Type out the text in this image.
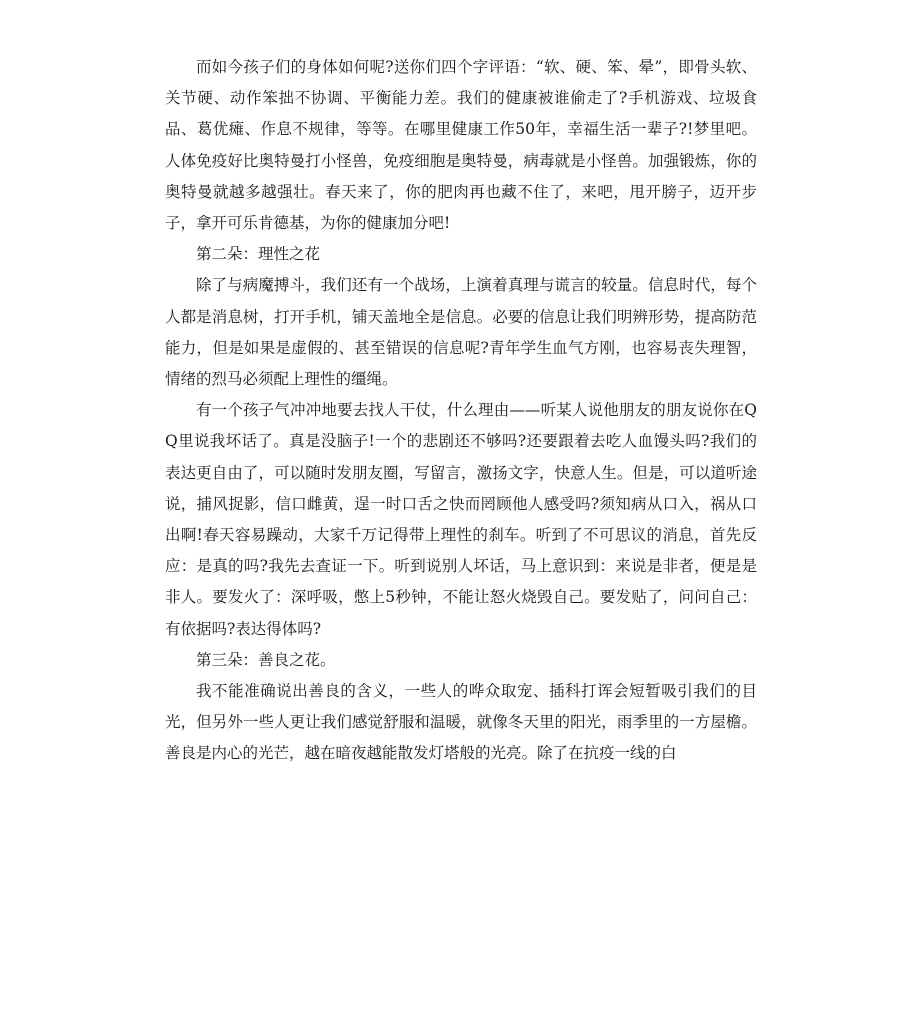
而如今孩子们的身体如何呢?送你们四个字评语：“软、硬、笨、晕”，即骨头软、关节硬、动作笨拙不协调、平衡能力差。我们的健康被谁偷走了?手机游戏、垃圾食品、葛优瘫、作息不规律，等等。在哪里健康工作50年，幸福生活一辈子?!梦里吧。人体免疫好比奥特曼打小怪兽，免疫细胞是奥特曼，病毒就是小怪兽。加强锻炼，你的奥特曼就越多越强壮。春天来了，你的肥肉再也藏不住了，来吧，甩开膀子，迈开步子，拿开可乐肯德基，为你的健康加分吧!

第二朵：理性之花

除了与病魔搏斗，我们还有一个战场，上演着真理与谎言的较量。信息时代，每个人都是消息树，打开手机，铺天盖地全是信息。必要的信息让我们明辨形势，提高防范能力，但是如果是虚假的、甚至错误的信息呢?青年学生血气方刚，也容易丧失理智，情绪的烈马必须配上理性的缰绳。

有一个孩子气冲冲地要去找人干仗，什么理由——听某人说他朋友的朋友说你在QQ里说我坏话了。真是没脑子!一个的悲剧还不够吗?还要跟着去吃人血馒头吗?我们的表达更自由了，可以随时发朋友圈，写留言，激扬文字，快意人生。但是，可以道听途说，捕风捉影，信口雌黄，逞一时口舌之快而罔顾他人感受吗?须知病从口入，祸从口出啊!春天容易躁动，大家千万记得带上理性的刹车。听到了不可思议的消息，首先反应：是真的吗?我先去查证一下。听到说别人坏话，马上意识到：来说是非者，便是是非人。要发火了：深呼吸，憋上5秒钟，不能让怒火烧毁自己。要发贴了，问问自己：有依据吗?表达得体吗?

第三朵：善良之花。

我不能准确说出善良的含义，一些人的哗众取宠、插科打诨会短暂吸引我们的目光，但另外一些人更让我们感觉舒服和温暖，就像冬天里的阳光，雨季里的一方屋檐。善良是内心的光芒，越在暗夜越能散发灯塔般的光亮。除了在抗疫一线的白
